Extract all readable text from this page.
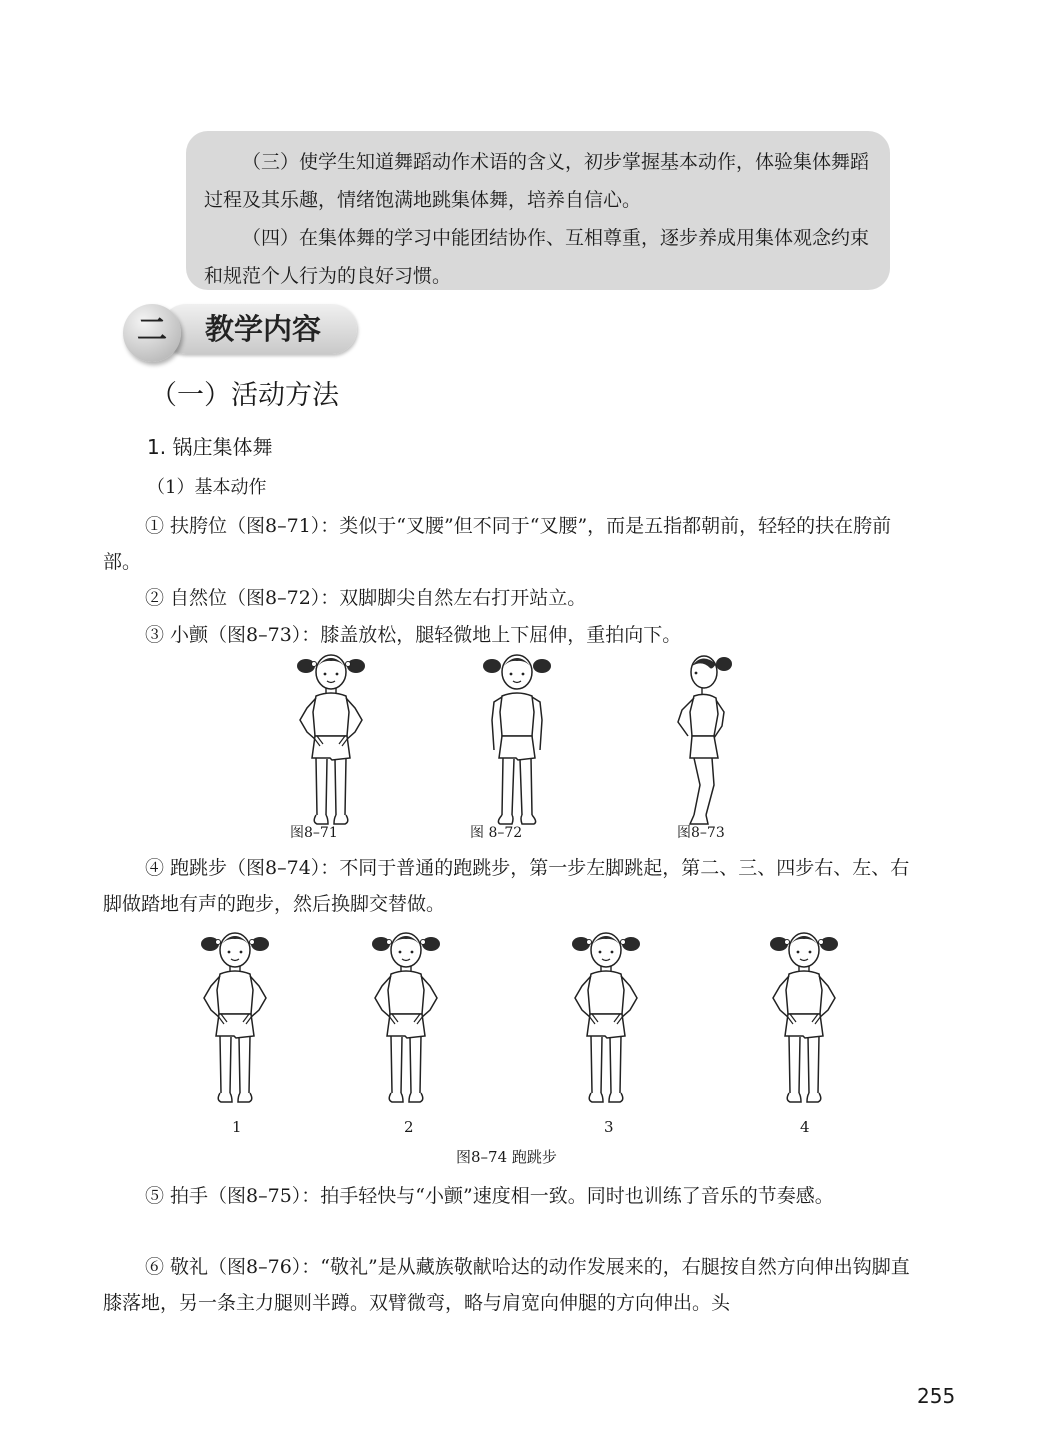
（三）使学生知道舞蹈动作术语的含义，初步掌握基本动作，体验集体舞蹈过程及其乐趣，情绪饱满地跳集体舞，培养自信心。

（四）在集体舞的学习中能团结协作、互相尊重，逐步养成用集体观念约束和规范个人行为的良好习惯。

二	教学内容
（一）活动方法
1. 锅庄集体舞

（1）基本动作

① 扶胯位（图8–71）：类似于“叉腰”但不同于“叉腰”，而是五指都朝前，轻轻的扶在胯前部。

② 自然位（图8–72）：双脚脚尖自然左右打开站立。

③ 小颤（图8–73）：膝盖放松，腿轻微地上下屈伸，重拍向下。

图8–71	图 8–72	图8–73

④ 跑跳步（图8–74）：不同于普通的跑跳步，第一步左脚跳起，第二、三、四步右、左、右脚做踏地有声的跑步，然后换脚交替做。

1	2	3	4
图8–74 跑跳步

⑤ 拍手（图8–75）：拍手轻快与“小颤”速度相一致。同时也训练了音乐的节奏感。

⑥ 敬礼（图8–76）：“敬礼”是从藏族敬献哈达的动作发展来的，右腿按自然方向伸出钩脚直膝落地，另一条主力腿则半蹲。双臂微弯，略与肩宽向伸腿的方向伸出。头

255
